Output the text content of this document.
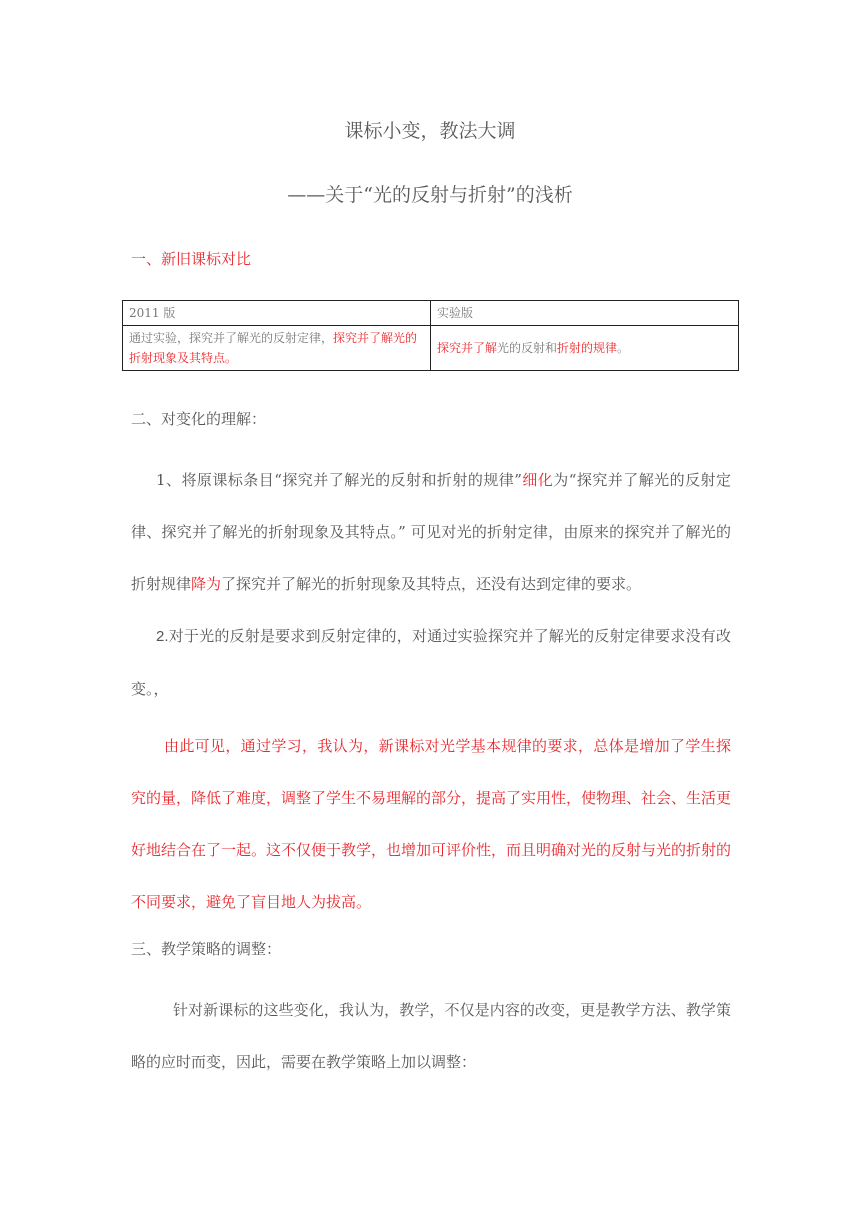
课标小变，教法大调
——关于“光的反射与折射”的浅析
一、新旧课标对比
2011 版	实验版
通过实验，探究并了解光的反射定律，探究并了解光的折射现象及其特点。	探究并了解光的反射和折射的规律。
二、对变化的理解：
1、将原课标条目“探究并了解光的反射和折射的规律”细化为“探究并了解光的反射定律、探究并了解光的折射现象及其特点。” 可见对光的折射定律，由原来的探究并了解光的折射规律降为了探究并了解光的折射现象及其特点，还没有达到定律的要求。
2.对于光的反射是要求到反射定律的，对通过实验探究并了解光的反射定律要求没有改变。，
由此可见，通过学习，我认为，新课标对光学基本规律的要求，总体是增加了学生探究的量，降低了难度，调整了学生不易理解的部分，提高了实用性，使物理、社会、生活更好地结合在了一起。这不仅便于教学，也增加可评价性，而且明确对光的反射与光的折射的不同要求，避免了盲目地人为拔高。
三、教学策略的调整：
针对新课标的这些变化，我认为，教学，不仅是内容的改变，更是教学方法、教学策略的应时而变，因此，需要在教学策略上加以调整：
